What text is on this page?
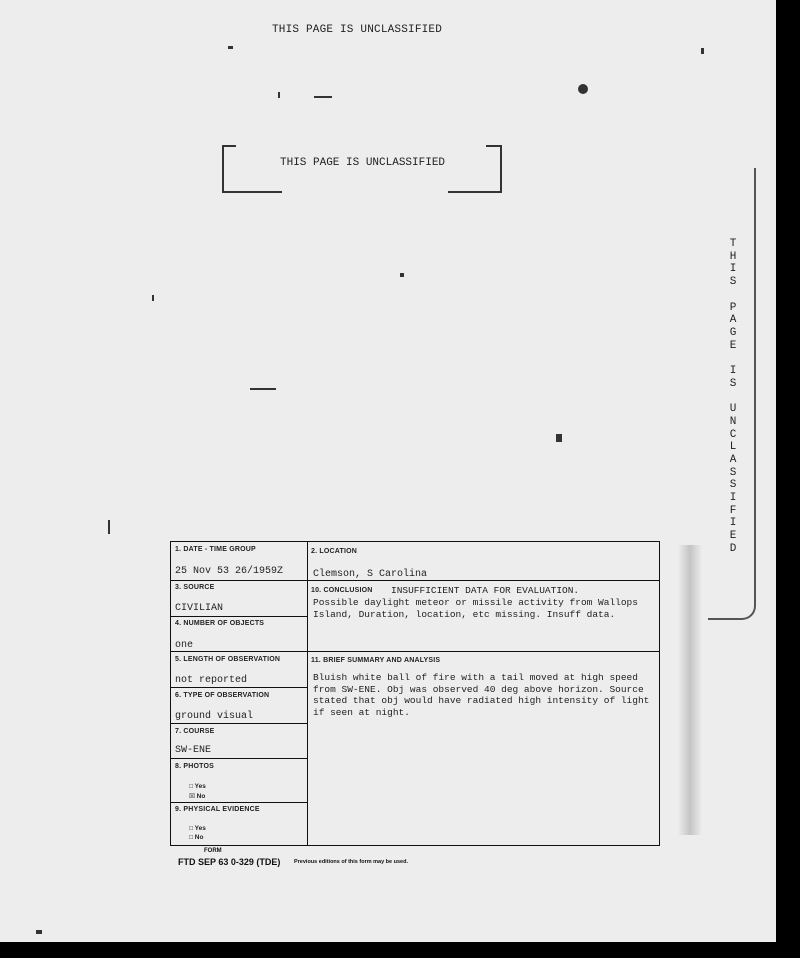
THIS PAGE IS UNCLASSIFIED
THIS PAGE IS UNCLASSIFIED
T
H
I
S

P
A
G
E

I
S

U
N
C
L
A
S
S
I
F
I
E
D
1. DATE - TIME GROUP
25 Nov 53 26/1959Z
2. LOCATION
Clemson, S Carolina
3. SOURCE
CIVILIAN
10. CONCLUSION INSUFFICIENT DATA FOR EVALUATION.
Possible daylight meteor or missile activity from Wallops Island, Duration, location, etc missing. Insuff data.
4. NUMBER OF OBJECTS
one
5. LENGTH OF OBSERVATION
not reported
11. BRIEF SUMMARY AND ANALYSIS
Bluish white ball of fire with a tail moved at high speed from SW-ENE. Obj was observed 40 deg above horizon. Source stated that obj would have radiated high intensity of light if seen at night.
6. TYPE OF OBSERVATION
ground visual
7. COURSE
SW-ENE
8. PHOTOS
□ Yes
☒ No
9. PHYSICAL EVIDENCE
□ Yes
□ No
FORM
FTD SEP 63 0-329 (TDE) Previous editions of this form may be used.
